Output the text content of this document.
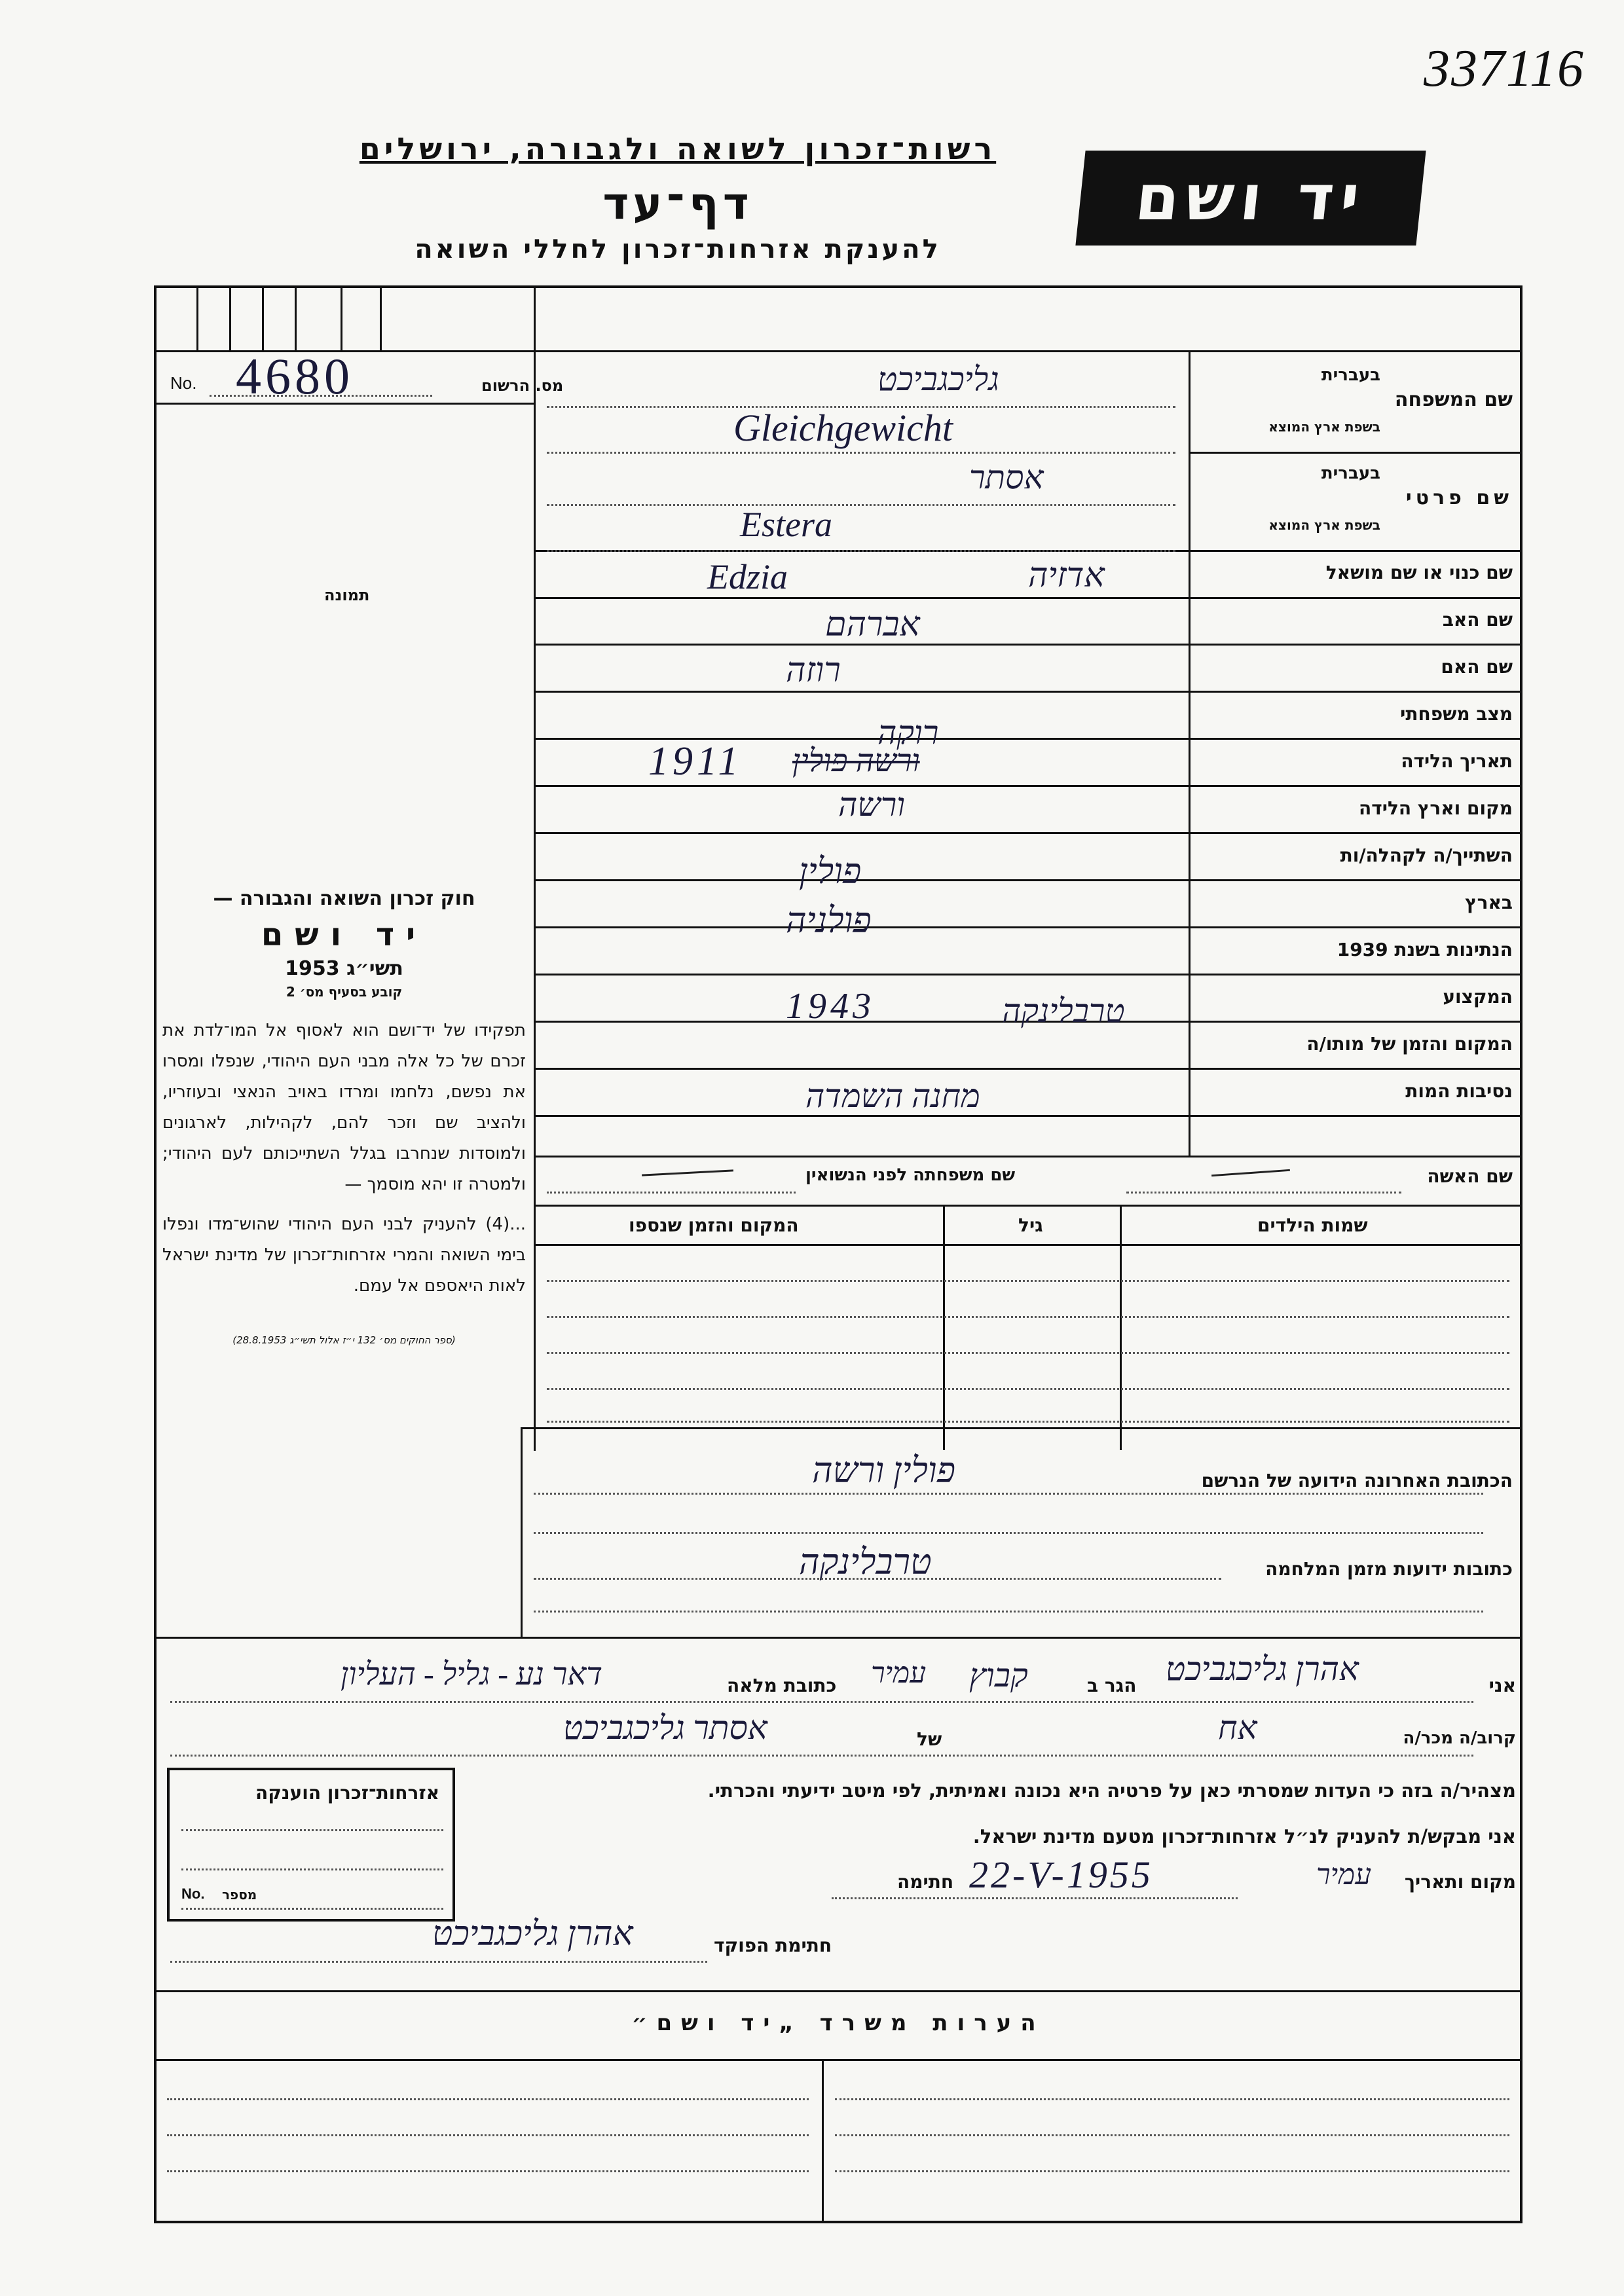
337116
רשות־זכרון לשואה ולגבורה, ירושלים
דף־עד
להענקת אזרחות־זכרון לחללי השואה
יד ושם
מס. הרשום
No. 4680
תמונה
חוק זכרון השואה והגבורה —
יד ושם
תשי״ג 1953
קובע בסעיף מס׳ 2
תפקידו של יד־ושם הוא לאסוף אל המו־לדת את זכרם של כל אלה מבני העם היהודי, שנפלו ומסרו את נפשם, נלחמו ומרדו באויב הנאצי ובעוזריו, ולהציב שם וזכר להם, לקהילות, לארגונים ולמוסדות שנחרבו בגלל השתייכותם לעם היהודי; ולמטרה זו יהא מוסמך —
...(4) להעניק לבני העם היהודי שהוש־מדו ונפלו בימי השואה והמרי אזרחות־זכרון של מדינת ישראל לאות היאספם אל עמם.
(ספר החוקים מס׳ 132 י״ז אלול תשי״ג 28.8.1953)
שם המשפחה
בעברית
בשפת ארץ המוצא
גליכגביכט
Gleichgewicht
שם פרטי
בעברית
בשפת ארץ המוצא
אסתר
Estera
שם כנוי או שם מושאל
Edzia	אדזיה
שם האב
אברהם
שם האם
רוזה
מצב משפחתי
רוקה
תאריך הלידה
1911 ורשה פולין
מקום וארץ הלידה
ורשה
השתייך/ה לקהלה/ות
בארץ
פולין
הנתינות בשנת 1939
פולניה
המקצוע
1943	טרבלינקה
המקום והזמן של מותו/ה
נסיבות המות
מחנה השמדה
שם האשה
שם משפחתה לפני הנשואין
שמות הילדים
גיל
המקום והזמן שנספו
הכתובת האחרונה הידועה של הנרשם
פולין ורשה
כתובות ידועות מזמן המלחמה
טרבלינקה
אני
אהרן גליכגביכט
הגר ב
קבוץ
עמיר
כתובת מלאה
דאר נע - גליל - העליון
קרוב/ה מכר/ה
אח
של
אסתר גליכגביכט
מצהיר/ה בזה כי העדות שמסרתי כאן על פרטיה היא נכונה ואמיתית, לפי מיטב ידיעתי והכרתי.
אני מבקש/ת להעניק לנ״ל אזרחות־זכרון מטעם מדינת ישראל.
מקום ותאריך
עמיר
22-V-1955
חתימה
חתימת הפוקד
אהרן גליכגביכט
אזרחות־זכרון הוענקה
מספר
No.
הערות משרד „יד ושם״
